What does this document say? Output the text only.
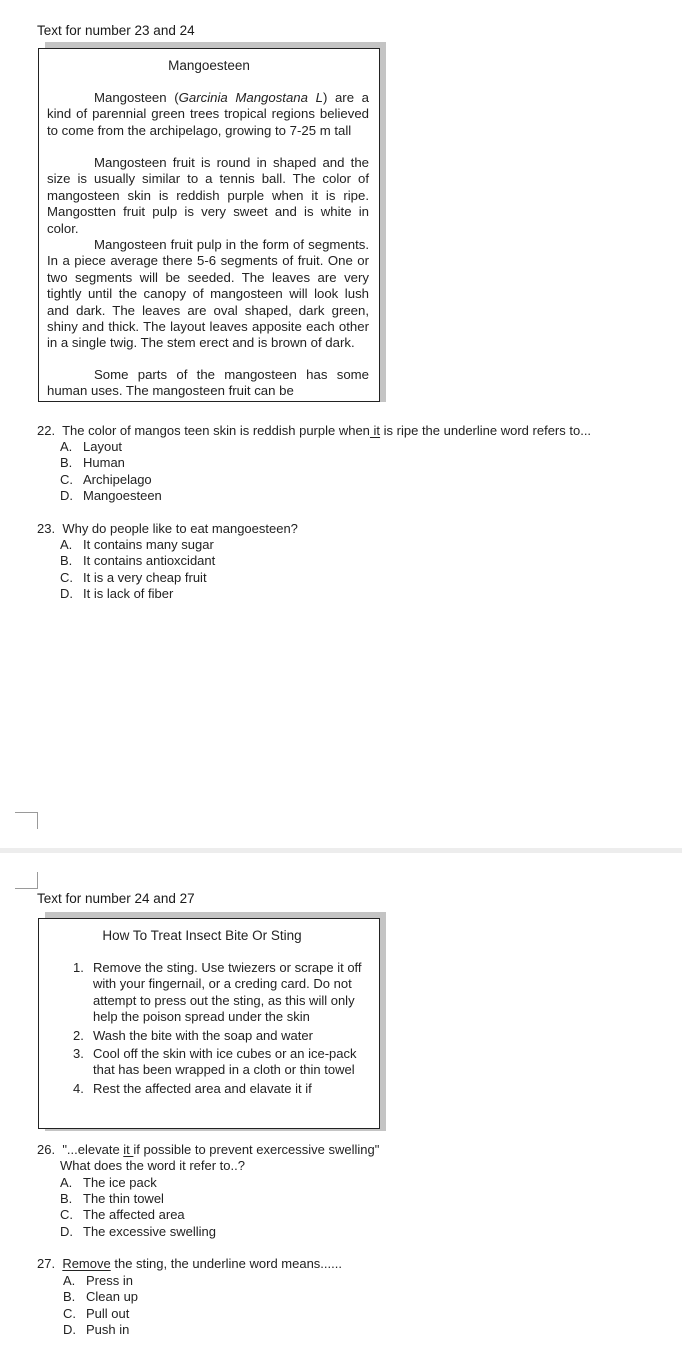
Text for number 23 and 24
Mangoesteen
Mangosteen (Garcinia Mangostana L) are a kind of parennial green trees tropical regions believed to come from the archipelago, growing to 7-25 m tall
Mangosteen fruit is round in shaped and the size is usually similar to a tennis ball. The color of mangosteen skin is reddish purple when it is ripe. Mangostten fruit pulp is very sweet and is white in color.
Mangosteen fruit pulp in the form of segments. In a piece average there 5-6 segments of fruit. One or two segments will be seeded. The leaves are very tightly until the canopy of mangosteen will look lush and dark. The leaves are oval shaped, dark green, shiny and thick. The layout leaves apposite each other in a single twig. The stem erect and is brown of dark.
Some parts of the mangosteen has some human uses. The mangosteen fruit can be
22. The color of mangos teen skin is reddish purple when it is ripe the underline word refers to...
A. Layout
B. Human
C. Archipelago
D. Mangoesteen
23. Why do people like to eat mangoesteen?
A. It contains many sugar
B. It contains antioxcidant
C. It is a very cheap fruit
D. It is lack of fiber
Text for number 24 and 27
How To Treat Insect Bite Or Sting
1. Remove the sting. Use twiezers or scrape it off with your fingernail, or a creding card. Do not attempt to press out the sting, as this will only help the poison spread under the skin
2. Wash the bite with the soap and water
3. Cool off the skin with ice cubes or an ice-pack that has been wrapped in a cloth or thin towel
4. Rest the affected area and elavate it if
26. "...elevate it if possible to prevent exercessive swelling"
What does the word it refer to..?
A. The ice pack
B. The thin towel
C. The affected area
D. The excessive swelling
27. Remove the sting, the underline word means......
A. Press in
B. Clean up
C. Pull out
D. Push in
